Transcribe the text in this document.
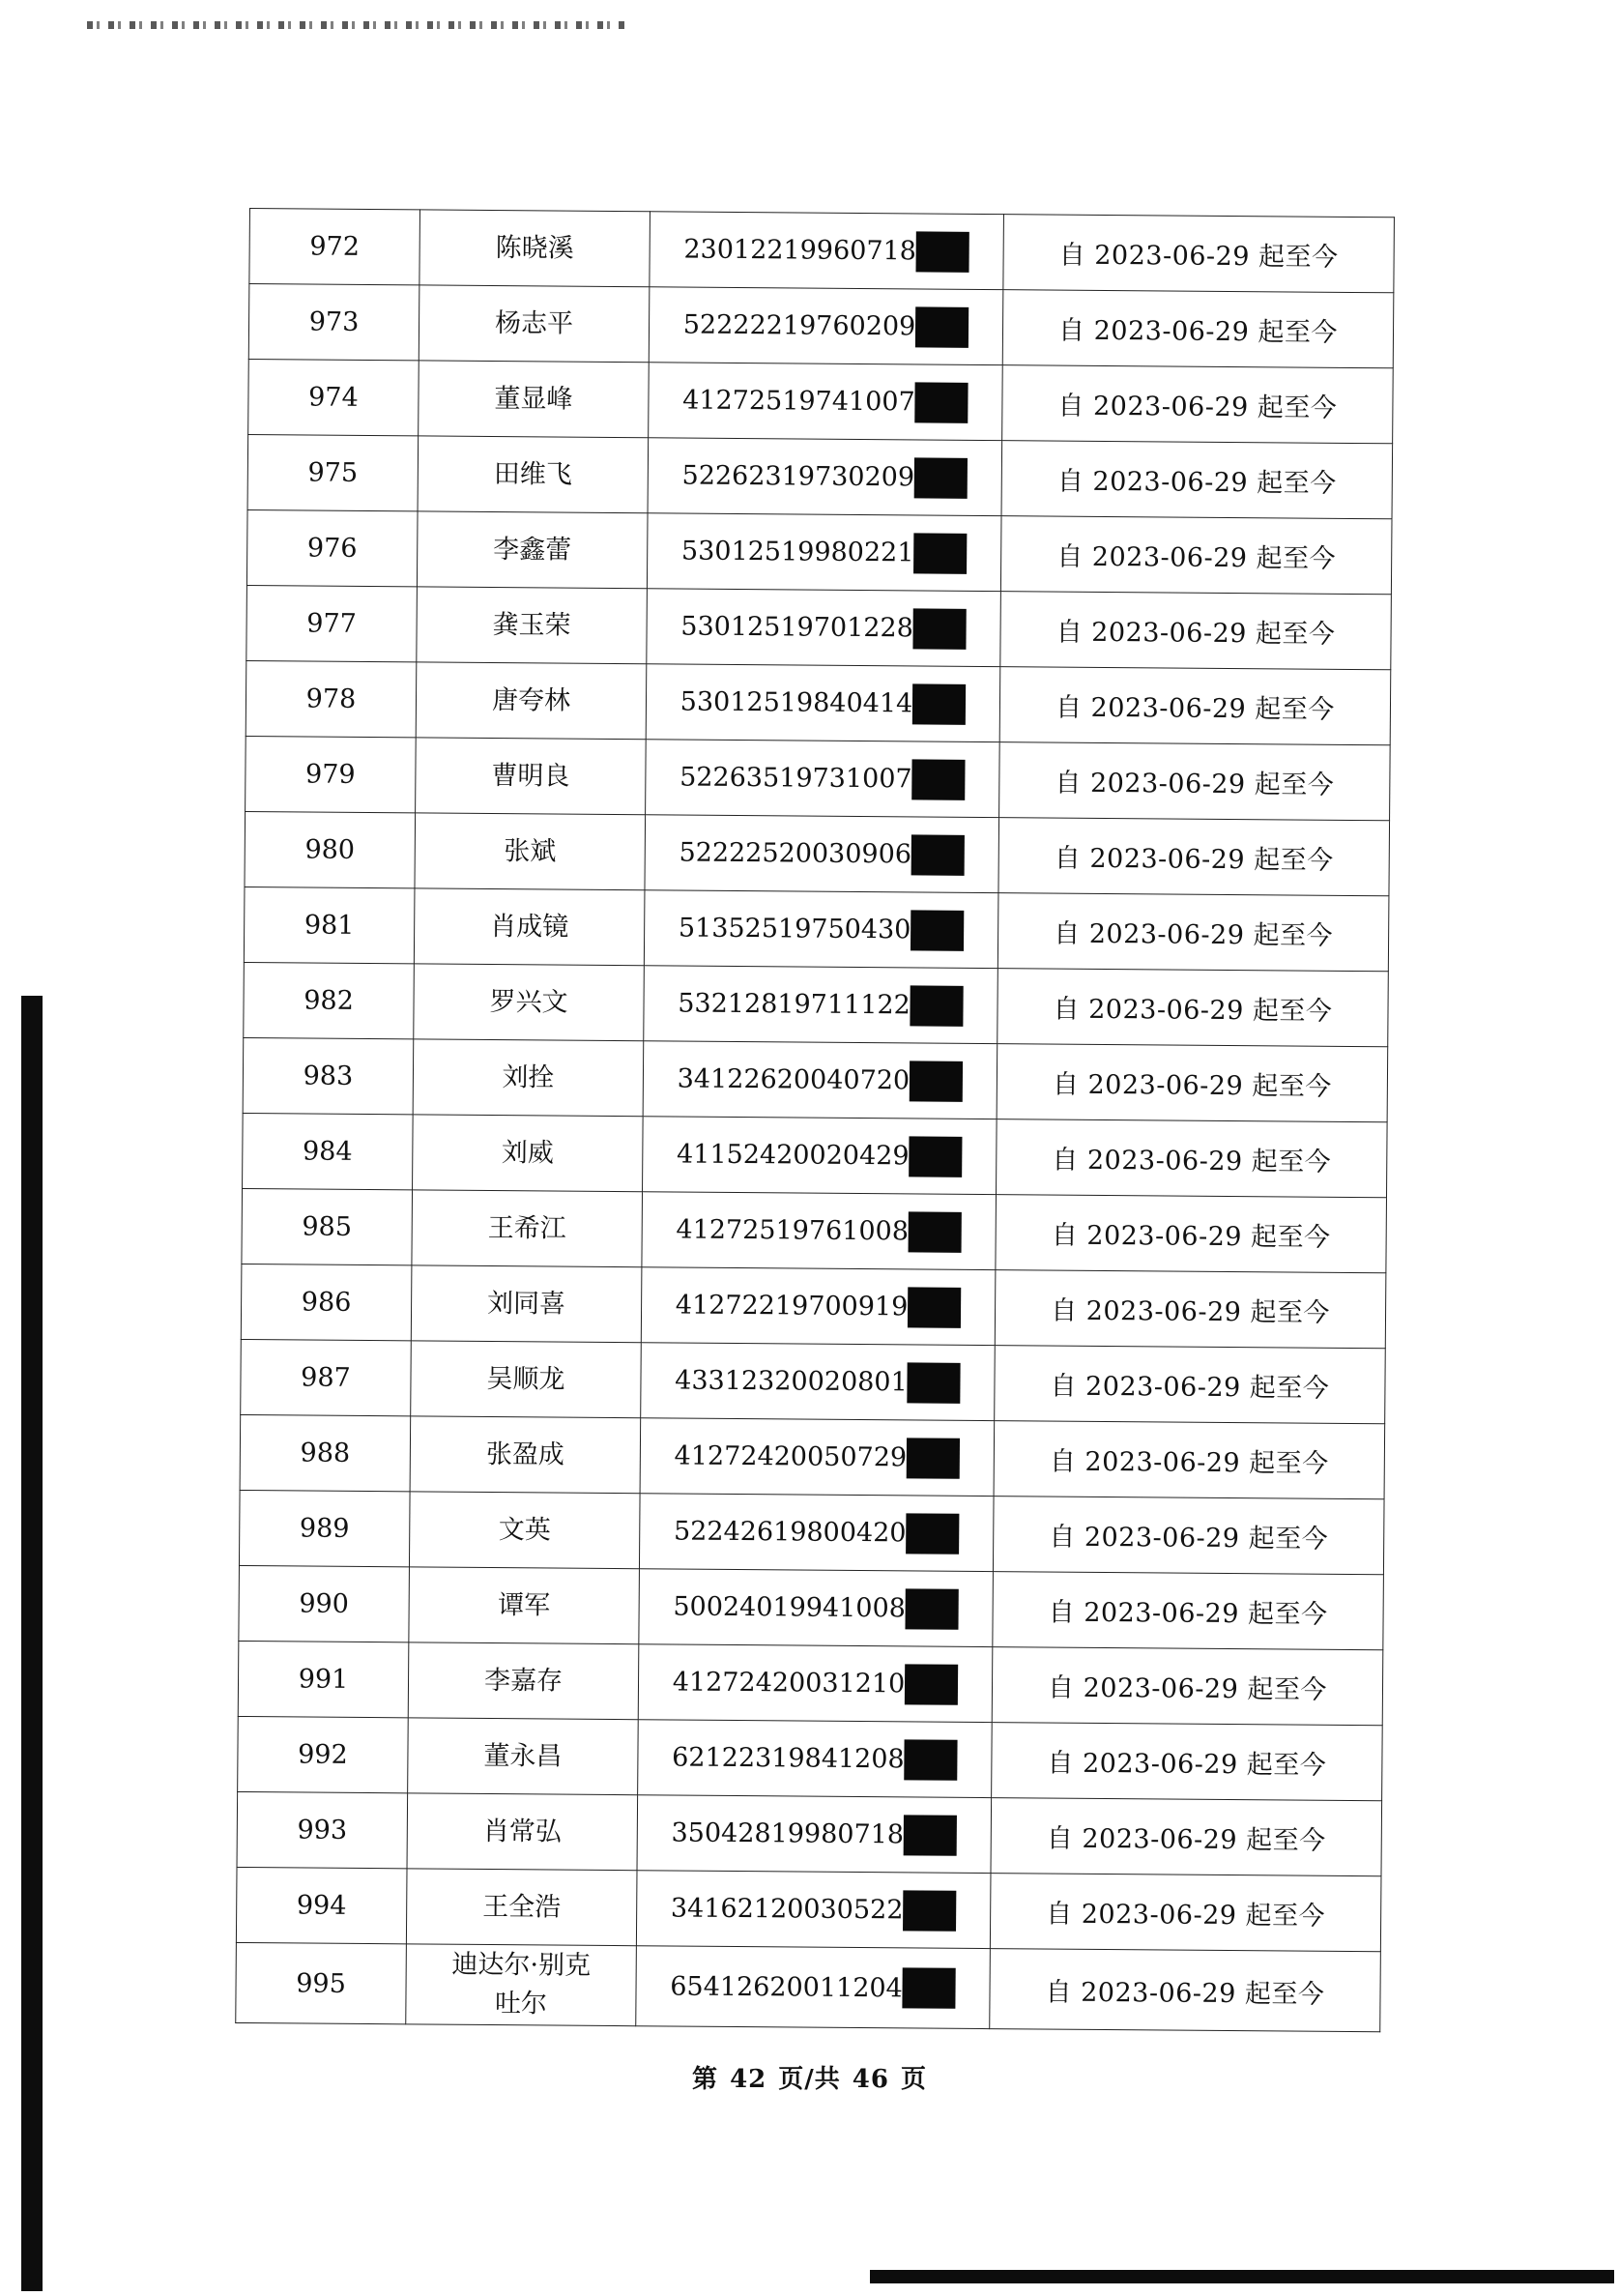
972	陈晓溪	23012219960718	自 2023-06-29 起至今
973	杨志平	52222219760209	自 2023-06-29 起至今
974	董显峰	41272519741007	自 2023-06-29 起至今
975	田维飞	52262319730209	自 2023-06-29 起至今
976	李鑫蕾	53012519980221	自 2023-06-29 起至今
977	龚玉荣	53012519701228	自 2023-06-29 起至今
978	唐夸林	53012519840414	自 2023-06-29 起至今
979	曹明良	52263519731007	自 2023-06-29 起至今
980	张斌	52222520030906	自 2023-06-29 起至今
981	肖成镜	51352519750430	自 2023-06-29 起至今
982	罗兴文	53212819711122	自 2023-06-29 起至今
983	刘拴	34122620040720	自 2023-06-29 起至今
984	刘威	41152420020429	自 2023-06-29 起至今
985	王希江	41272519761008	自 2023-06-29 起至今
986	刘同喜	41272219700919	自 2023-06-29 起至今
987	吴顺龙	43312320020801	自 2023-06-29 起至今
988	张盈成	41272420050729	自 2023-06-29 起至今
989	文英	52242619800420	自 2023-06-29 起至今
990	谭军	50024019941008	自 2023-06-29 起至今
991	李嘉存	41272420031210	自 2023-06-29 起至今
992	董永昌	62122319841208	自 2023-06-29 起至今
993	肖常弘	35042819980718	自 2023-06-29 起至今
994	王全浩	34162120030522	自 2023-06-29 起至今
995	迪达尔·别克吐尔	65412620011204	自 2023-06-29 起至今
第 42 页/共 46 页
